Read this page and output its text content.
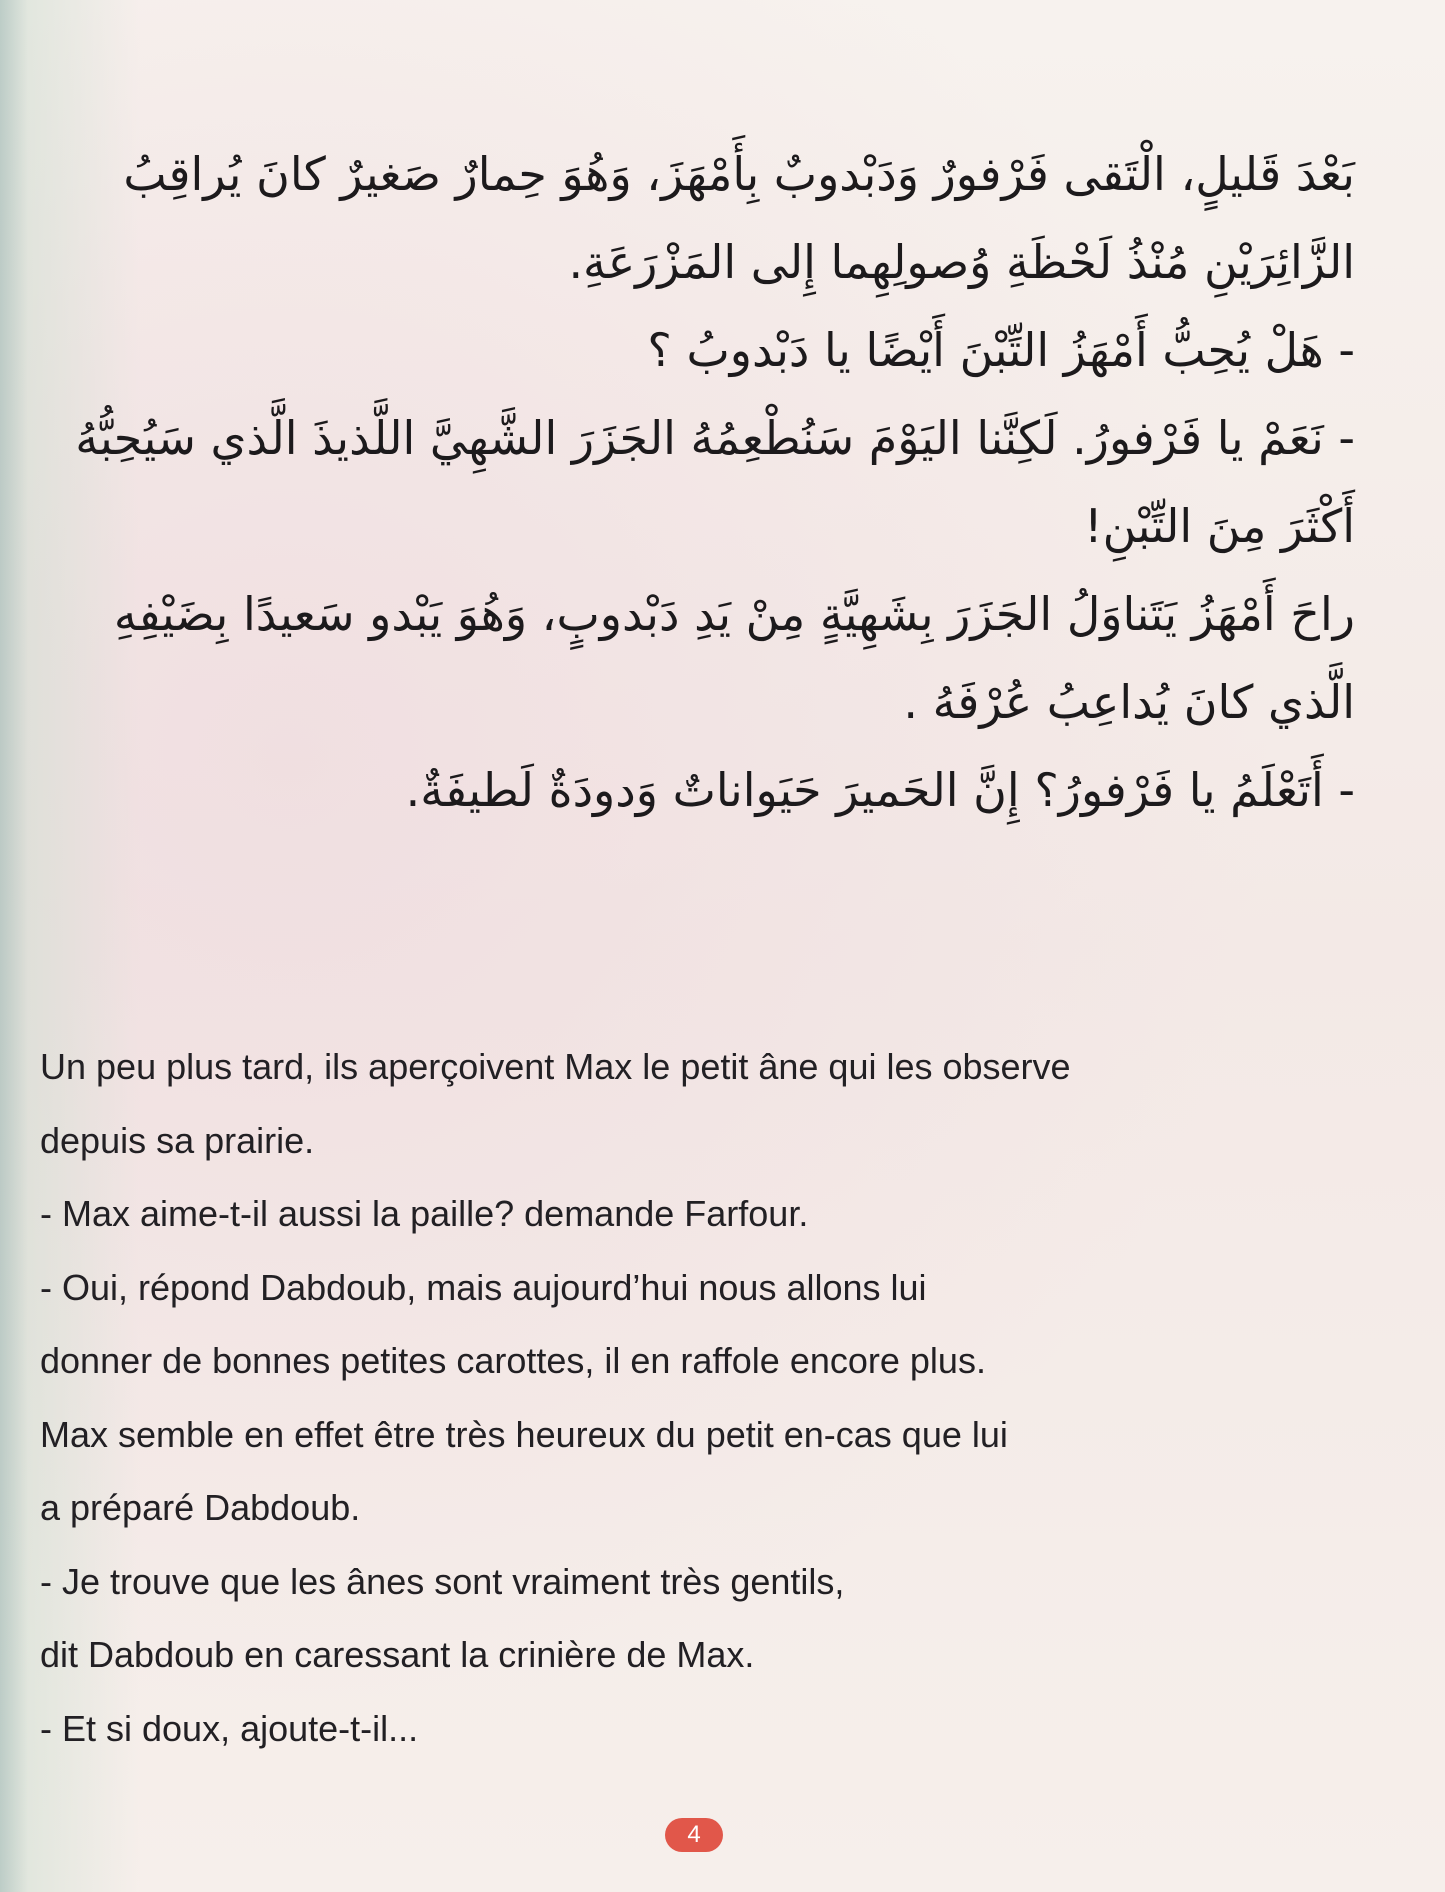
بَعْدَ قَليلٍ، الْتَقى فَرْفورٌ وَدَبْدوبٌ بِأَمْهَزَ، وَهُوَ حِمارٌ صَغيرٌ كانَ يُراقِبُ

الزَّائِرَيْنِ مُنْذُ لَحْظَةِ وُصولِهِما إِلى المَزْرَعَةِ.

- هَلْ يُحِبُّ أَمْهَزُ التِّبْنَ أَيْضًا يا دَبْدوبُ ؟

- نَعَمْ يا فَرْفورُ. لَكِنَّنا اليَوْمَ سَنُطْعِمُهُ الجَزَرَ الشَّهِيَّ اللَّذيذَ الَّذي سَيُحِبُّهُ

أَكْثَرَ مِنَ التِّبْنِ!

راحَ أَمْهَزُ يَتَناوَلُ الجَزَرَ بِشَهِيَّةٍ مِنْ يَدِ دَبْدوبٍ، وَهُوَ يَبْدو سَعيدًا بِضَيْفِهِ

الَّذي كانَ يُداعِبُ عُرْفَهُ .

- أَتَعْلَمُ يا فَرْفورُ؟ إِنَّ الحَميرَ حَيَواناتٌ وَدودَةٌ لَطيفَةٌ.

Un peu plus tard, ils aperçoivent Max le petit âne qui les observe

depuis sa prairie.

- Max aime-t-il aussi la paille? demande Farfour.

- Oui, répond Dabdoub, mais aujourd’hui nous allons lui

donner de bonnes petites carottes, il en raffole encore plus.

Max semble en effet être très heureux du petit en-cas que lui

a préparé Dabdoub.

- Je trouve que les ânes sont vraiment très gentils,

dit Dabdoub en caressant la crinière de Max.

- Et si doux, ajoute-t-il...

4
